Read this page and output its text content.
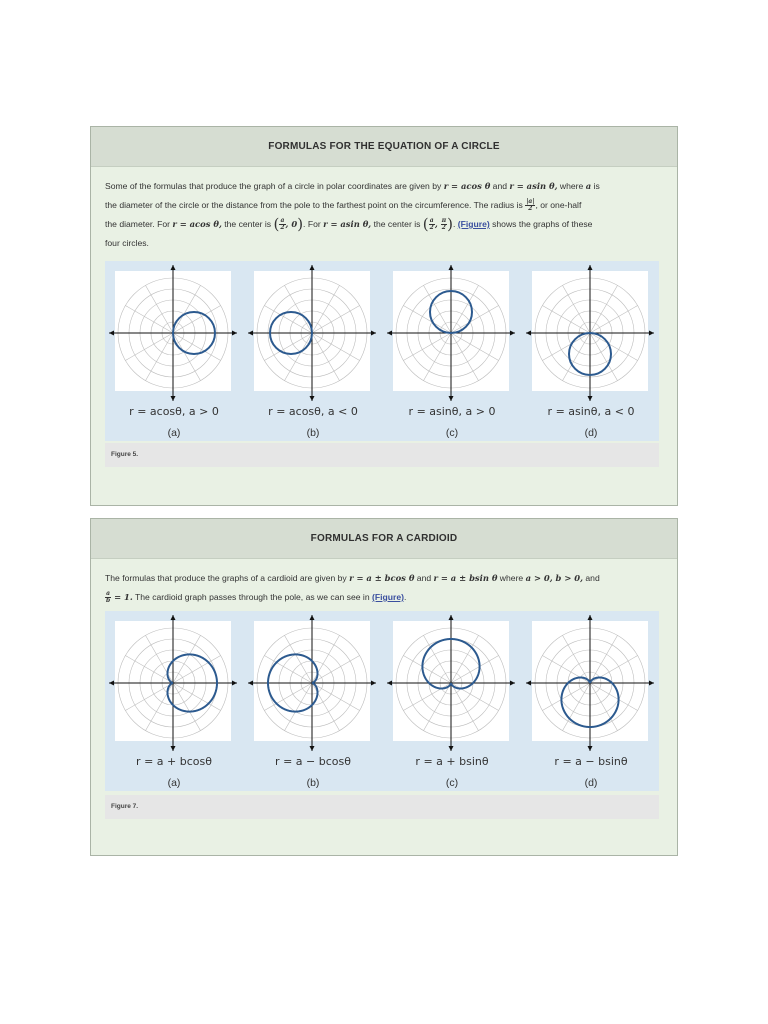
FORMULAS FOR THE EQUATION OF A CIRCLE
Some of the formulas that produce the graph of a circle in polar coordinates are given by r = acos θ and r = asin θ, where a is
the diameter of the circle or the distance from the pole to the farthest point on the circumference. The radius is $\frac{|a|}{2}$ , or one-half
the diameter. For r = acos θ, the center is ( $\frac{a}{2}$ , 0). For r = asin θ, the center is ( $\frac{a}{2}$ , $\frac{\pi}{2}$ ). (Figure) shows the graphs of these
four circles.
r = acosθ, a > 0	r = acosθ, a < 0	r = asinθ, a > 0	r = asinθ, a < 0
(a)	(b)	(c)	(d)
Figure 5.
FORMULAS FOR A CARDIOID
The formulas that produce the graphs of a cardioid are given by r = a ± bcos θ and r = a ± bsin θ where a > 0, b > 0, and
$\frac{a}{b} = 1$. The cardioid graph passes through the pole, as we can see in (Figure).
r = a + bcosθ	r = a − bcosθ	r = a + bsinθ	r = a − bsinθ
(a)	(b)	(c)	(d)
Figure 7.
